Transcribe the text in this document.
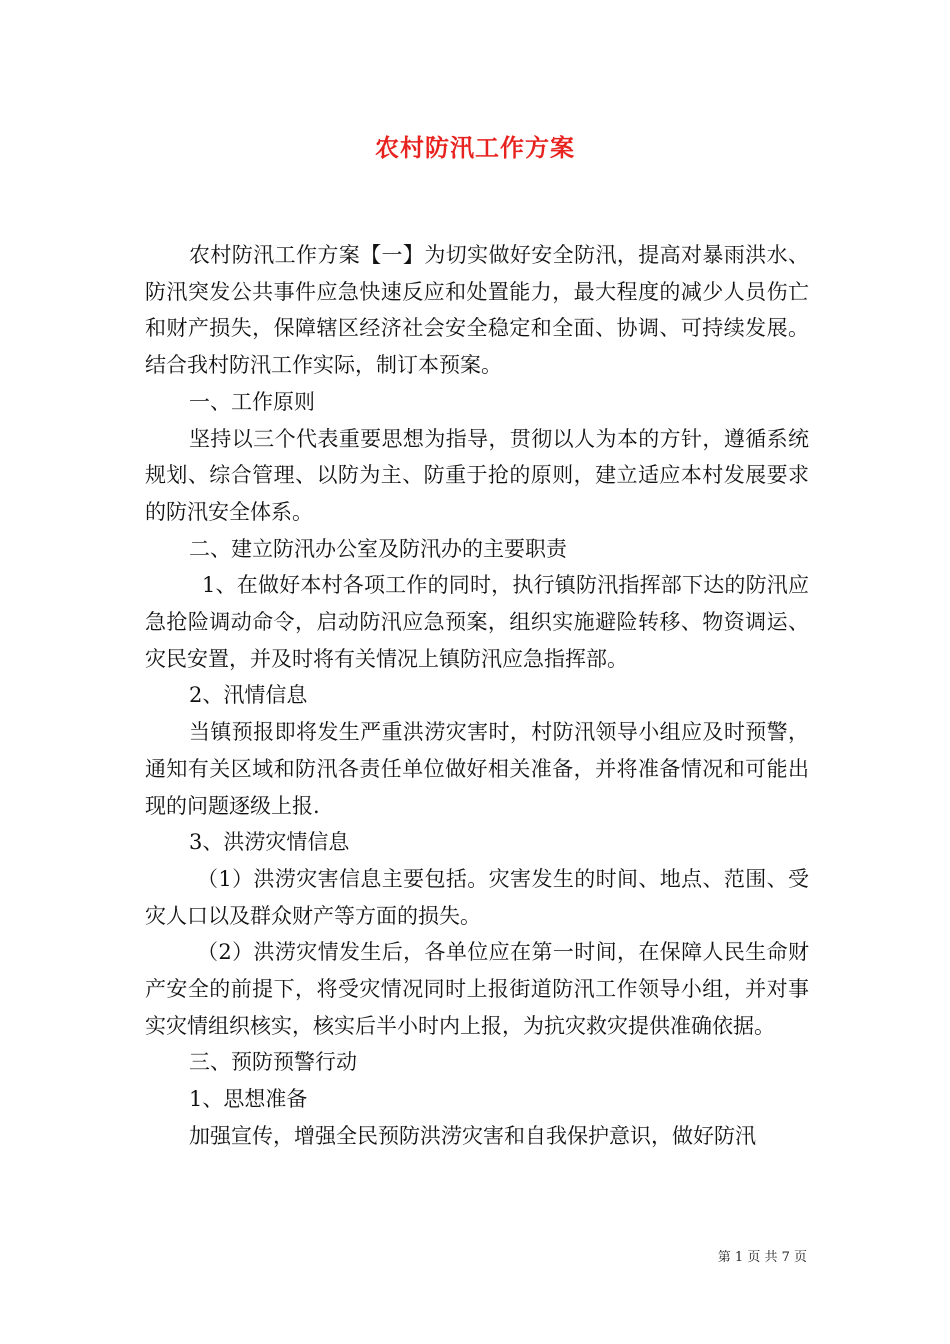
农村防汛工作方案

农村防汛工作方案【一】为切实做好安全防汛，提高对暴雨洪水、防汛突发公共事件应急快速反应和处置能力，最大程度的减少人员伤亡和财产损失，保障辖区经济社会安全稳定和全面、协调、可持续发展。结合我村防汛工作实际，制订本预案。

一、工作原则

坚持以三个代表重要思想为指导，贯彻以人为本的方针，遵循系统规划、综合管理、以防为主、防重于抢的原则，建立适应本村发展要求的防汛安全体系。

二、建立防汛办公室及防汛办的主要职责

1、在做好本村各项工作的同时，执行镇防汛指挥部下达的防汛应急抢险调动命令，启动防汛应急预案，组织实施避险转移、物资调运、灾民安置，并及时将有关情况上镇防汛应急指挥部。

2、汛情信息

当镇预报即将发生严重洪涝灾害时，村防汛领导小组应及时预警，通知有关区域和防汛各责任单位做好相关准备，并将准备情况和可能出现的问题逐级上报.

3、洪涝灾情信息

（1）洪涝灾害信息主要包括。灾害发生的时间、地点、范围、受灾人口以及群众财产等方面的损失。

（2）洪涝灾情发生后，各单位应在第一时间，在保障人民生命财产安全的前提下，将受灾情况同时上报街道防汛工作领导小组，并对事实灾情组织核实，核实后半小时内上报，为抗灾救灾提供准确依据。

三、预防预警行动

1、思想准备

加强宣传，增强全民预防洪涝灾害和自我保护意识，做好防汛

第 1 页 共 7 页
